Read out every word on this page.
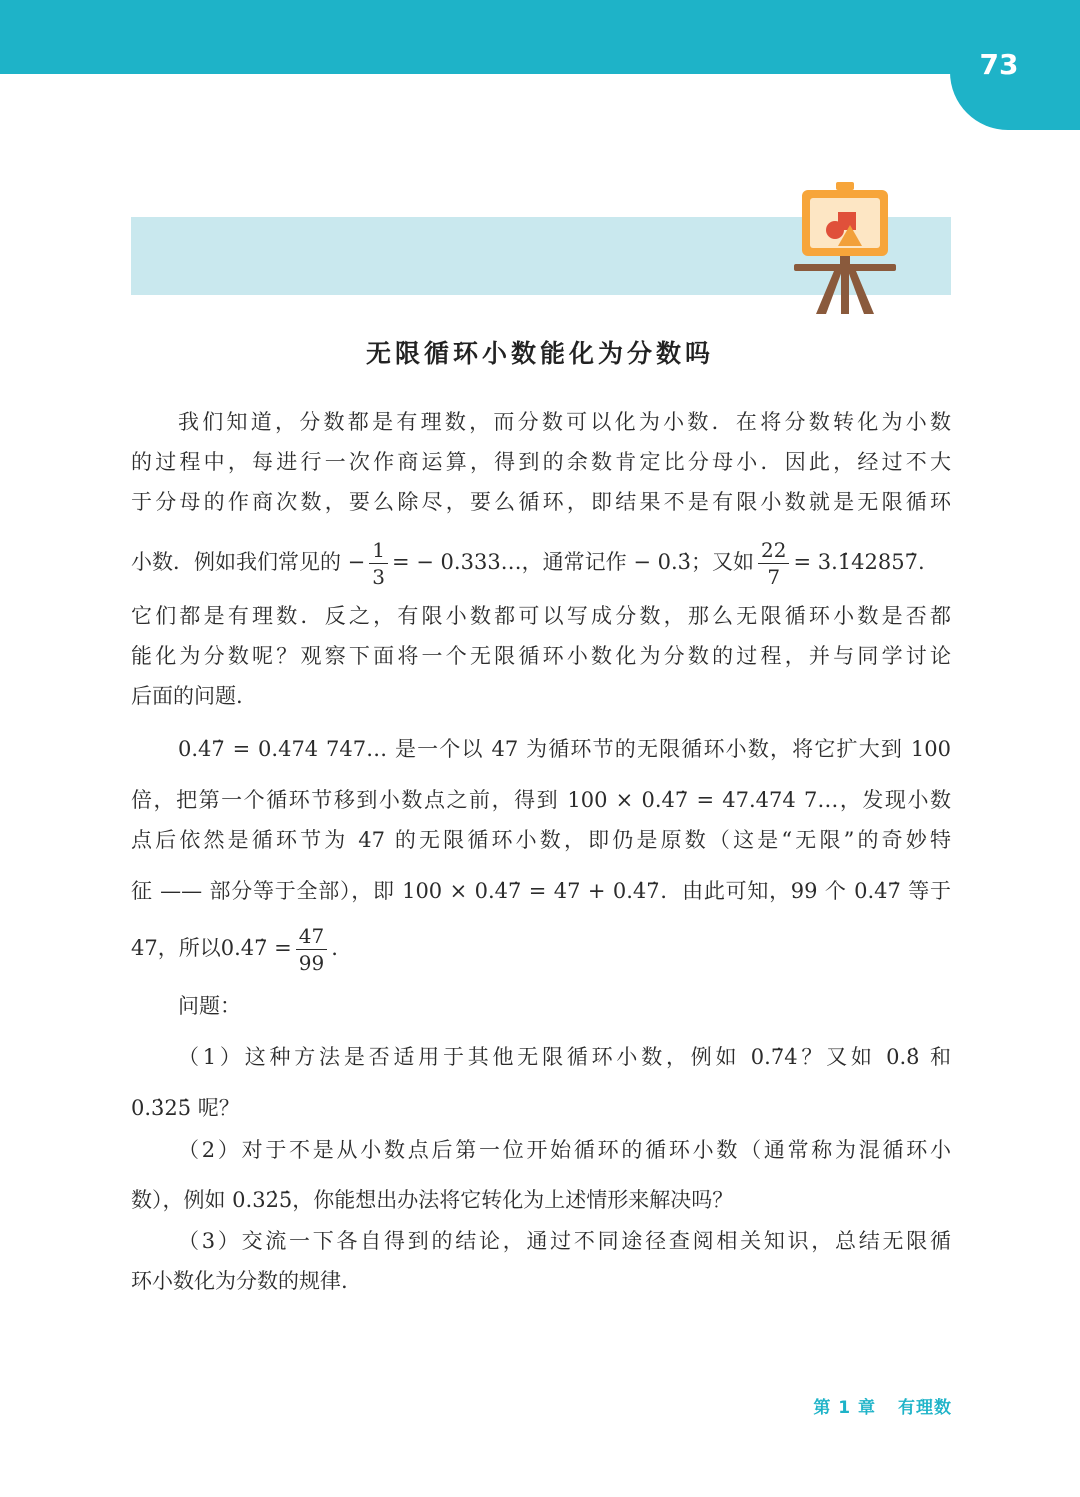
73
无限循环小数能化为分数吗
我们知道，分数都是有理数，而分数可以化为小数．在将分数转化为小数
的过程中，每进行一次作商运算，得到的余数肯定比分母小．因此，经过不大
于分母的作商次数，要么除尽，要么循环，即结果不是有限小数就是无限循环
小数．例如我们常见的 − $\frac{1}{3}$ = − 0.333…，通常记作 − 0.3̇；又如 $\frac{22}{7}$ = 3.1̇42857̇.
它们都是有理数．反之，有限小数都可以写成分数，那么无限循环小数是否都
能化为分数呢？观察下面将一个无限循环小数化为分数的过程，并与同学讨论
后面的问题.
0.4̇7̇ = 0.474 747… 是一个以 47 为循环节的无限循环小数，将它扩大到 100
倍，把第一个循环节移到小数点之前，得到 100 × 0.4̇7̇ = 47.474 7…，发现小数
点后依然是循环节为 47 的无限循环小数，即仍是原数（这是“无限”的奇妙特
征 —— 部分等于全部），即 100 × 0.4̇7̇ = 47 + 0.4̇7̇．由此可知，99 个 0.4̇7̇ 等于
47，所以0.4̇7̇ = $\frac{47}{99}$ .
问题：
（1）这种方法是否适用于其他无限循环小数，例如 0.7̇4̇？又如 0.8̇ 和
0.3̇25̇ 呢？
（2）对于不是从小数点后第一位开始循环的循环小数（通常称为混循环小
数），例如 0.32̇5̇，你能想出办法将它转化为上述情形来解决吗？
（3）交流一下各自得到的结论，通过不同途径查阅相关知识，总结无限循
环小数化为分数的规律.
第 1 章 有理数
